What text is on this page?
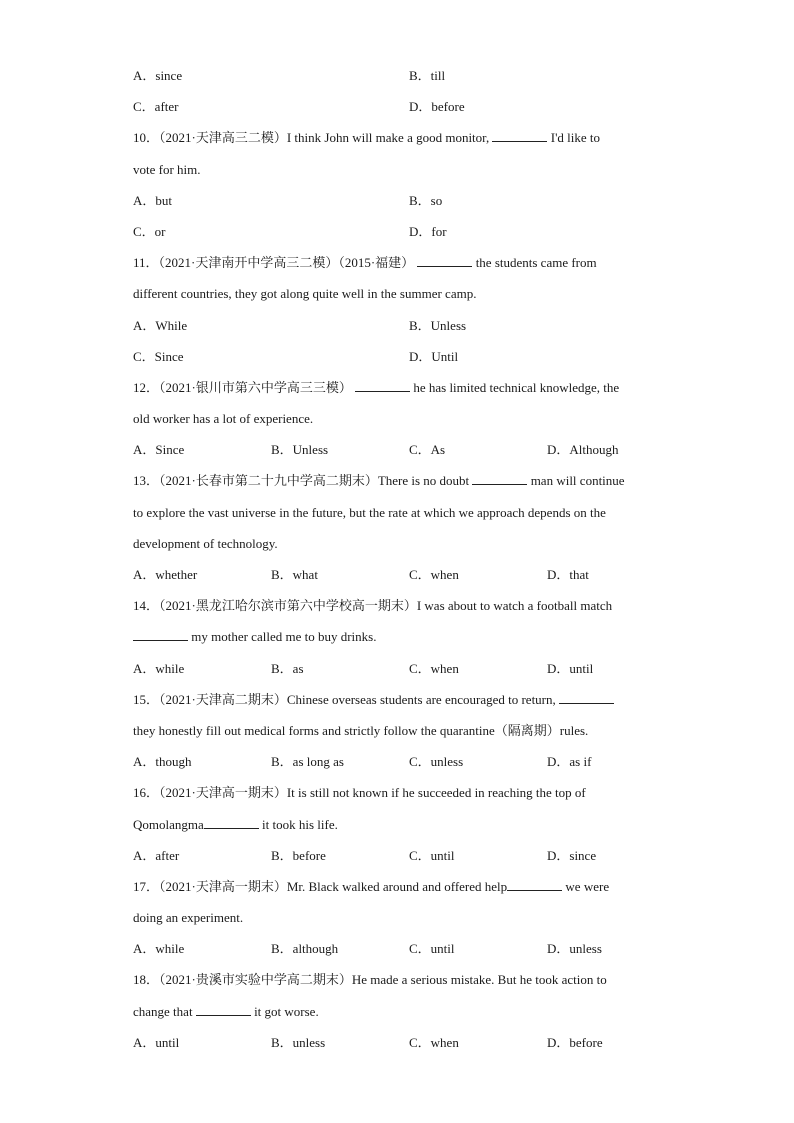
A．since	B．till
C．after	D．before
10．（2021·天津高三二模）I think John will make a good monitor,	I'd like to
vote for him.
A．but	B．so
C．or	D．for
11．（2021·天津南开中学高三二模）（2015·福建）	the students came from
different countries, they got along quite well in the summer camp.
A．While	B．Unless
C．Since	D．Until
12．（2021·银川市第六中学高三三模）	he has limited technical knowledge, the
old worker has a lot of experience.
A．Since	B．Unless	C．As	D．Although
13．（2021·长春市第二十九中学高二期末）There is no doubt	man will continue
to explore the vast universe in the future, but the rate at which we approach depends on the
development of technology.
A．whether	B．what	C．when	D．that
14．（2021·黑龙江哈尔滨市第六中学校高一期末）I was about to watch a football match
my mother called me to buy drinks.
A．while	B．as	C．when	D．until
15．（2021·天津高二期末）Chinese overseas students are encouraged to return,
they honestly fill out medical forms and strictly follow the quarantine（隔离期）rules.
A．though	B．as long as	C．unless	D．as if
16．（2021·天津高一期末）It is still not known if he succeeded in reaching the top of
Qomolangma	it took his life.
A．after	B．before	C．until	D．since
17．（2021·天津高一期末）Mr. Black walked around and offered help	we were
doing an experiment.
A．while	B．although	C．until	D．unless
18．（2021·贵溪市实验中学高二期末）He made a serious mistake. But he took action to
change that	it got worse.
A．until	B．unless	C．when	D．before
